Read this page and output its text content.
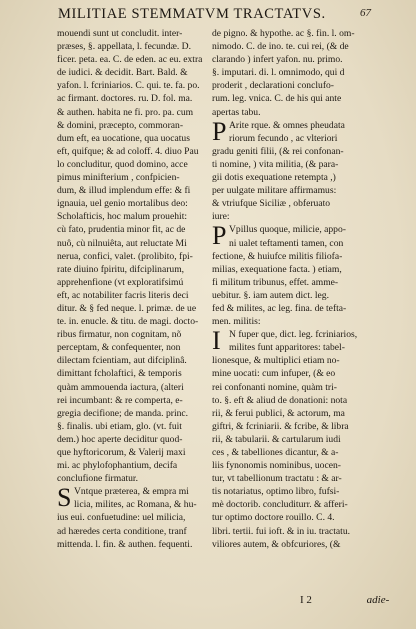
MILITIAE STEMMATVM TRACTATVS.	67
mouendi sunt ut concludit. inter-
præses, §. appellata, l. fecundæ. D.
ficer. peta. ea. C. de eden. ac eu. extra
de iudici. & decidit. Bart. Bald. &
yafon. l. fcriniarios. C. qui. te. fa. po.
ac firmant. doctores. ru. D. fol. ma.
& authen. habita ne fi. pro. pa. cum
& domini, præcepto, commoran-
dum eft, ea uocatione, qua uocatus
eft, quifque; & ad coloff. 4. diuo Pau
lo concluditur, quod domino, acce
pimus minifterium , confpicien-
dum, & illud implendum effe: & fi
ignauia, uel genio mortalibus deo:
Scholafticis, hoc malum prouehit:
cù fato, prudentia minor fit, ac de
nuô, cù nilnuiêta, aut reluctate Mi
nerua, confici, valet. (prolibito, fpi-
rate diuino fpiritu, difciplinarum,
apprehenfione (vt exploratifsimú
eft, ac notabiliter facris literis deci
ditur. & § fed neque. l. primæ. de ue
te. in. enucle. & titu. de magi. docto-
ribus firmatur, non cognitam, nõ
perceptam, & confequenter, non
dilectam fcientiam, aut difciplinâ.
dimittant fcholaftici, & temporis
quàm ammouenda iactura, (alteri
rei incumbant: & re comperta, e-
gregia decifione; de manda. princ.
§. finalis. ubi etiam, glo. (vt. fuit
dem.) hoc aperte deciditur quod-
que hyftoricorum, & Valerij maxi
mi. ac phylofophantium, decifa
conclufione firmatur.
S Vntque præterea, & empra mi
licia, milites, ac Romana, & hu-
ius eui. confuetudine: uel milicia,
ad hæredes certa conditione, tranf
mittenda. l. fin. & authen. fequenti.
de pigno. & hypothe. ac §. fin. l. om-
nimodo. C. de ino. te. cui rei, (& de
clarando ) infert yafon. nu. primo.
§. imputari. di. l. omnimodo, qui d
proderit , declarationi conclufo-
rum. leg. vnica. C. de his qui ante
apertas tabu.
P Arite rque. & omnes pheudata
riorum fecundo , ac vlteriori
gradu geniti filii, (& rei confonan-
ti nomine, ) vita militia, (& para-
gii dotis exequatione retempta ,)
per uulgate militare affirmamus:
& vtriufque Siciliæ , obferuato
iure:
P Vpillus quoque, milicie, appo-
ni ualet teftamenti tamen, con
fectione, & huiufce militis filiofa-
milias, exequatione facta. ) etiam,
fi militum tribunus, effet. amme-
uebitur. §. iam autem dict. leg.
fed & milites, ac leg. fina. de tefta-
men. militis:
I N fuper que, dict. leg. fcriniarios,
milites funt apparitores: tabel-
lionesque, & multiplici etiam no-
mine uocati: cum infuper, (& eo
rei confonanti nomine, quàm tri-
to. §. eft & aliud de donationi: nota
rii, & ferui publici, & actorum, ma
giftri, & fcriniarii. & fcribe, & libra
rii, & tabularii. & cartularum iudi
ces , & tabelliones dicantur, & a-
liis fynonomis nominibus, uocen-
tur, vt tabellionum tractatu : & ar-
tis notariatus, optimo libro, fufsi-
mè doctorib. concluditurr. & afferi-
tur optimo doctore rouillo. C. 4.
libri. tertii. fui ioft. & in iu. tractatu.
viliores autem, & obfcuriores, (&
I 2	adie-
